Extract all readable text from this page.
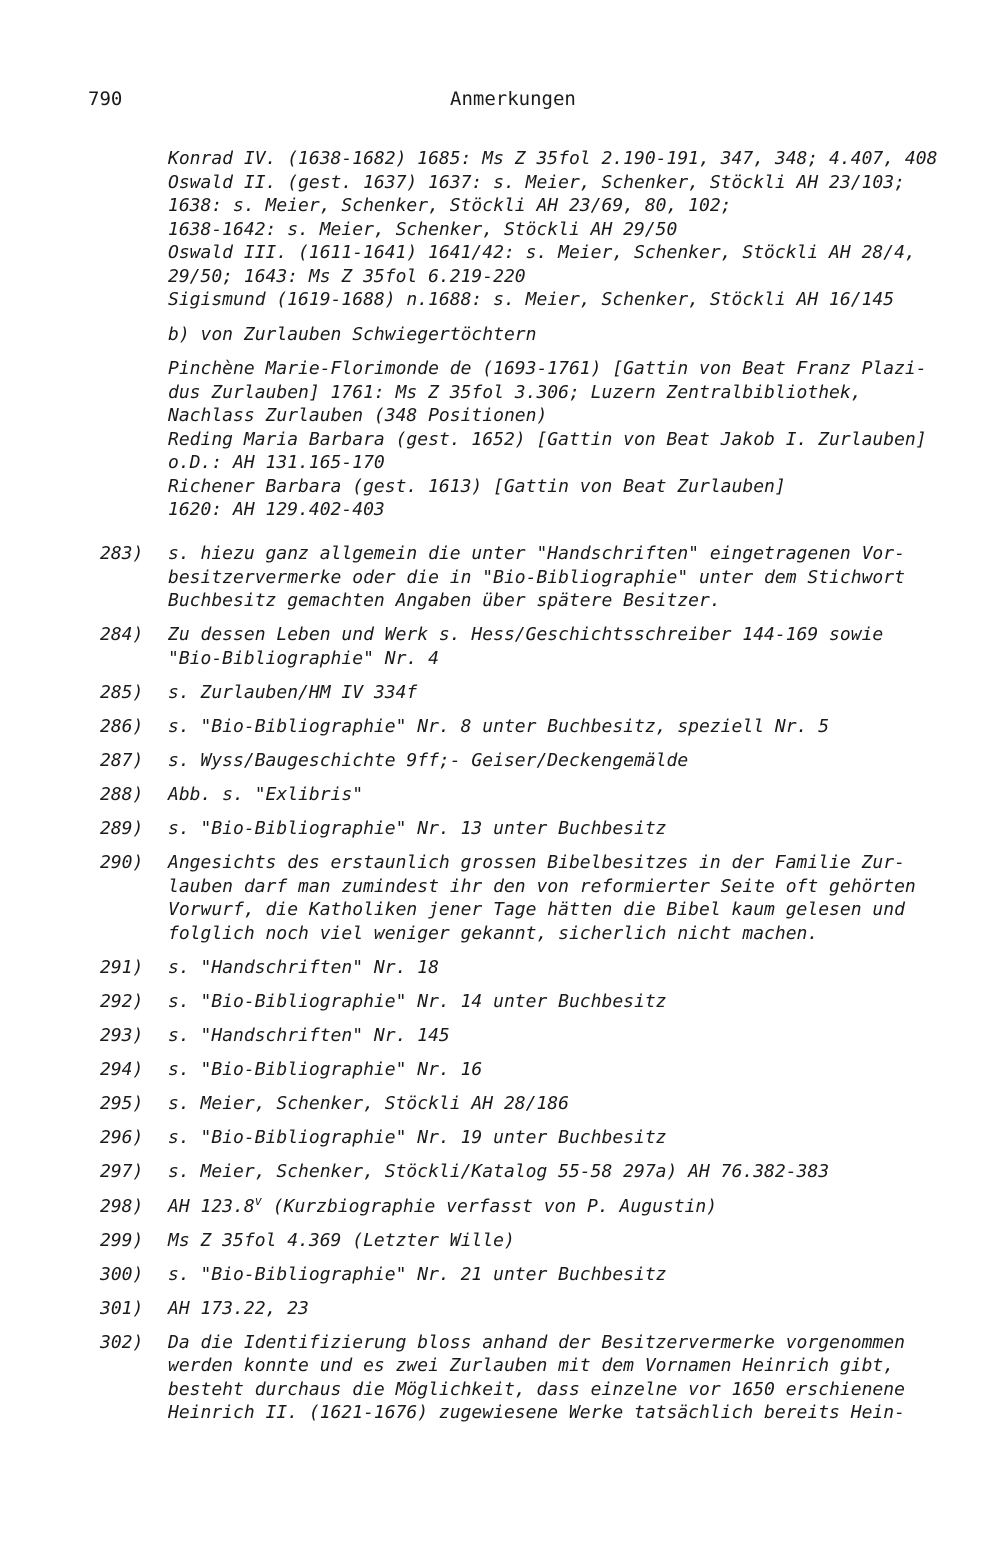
790	Anmerkungen
Konrad IV. (1638-1682) 1685: Ms Z 35fol 2.190-191, 347, 348; 4.407, 408
Oswald II. (gest. 1637) 1637: s. Meier, Schenker, Stöckli AH 23/103;
1638: s. Meier, Schenker, Stöckli AH 23/69, 80, 102;
1638-1642: s. Meier, Schenker, Stöckli AH 29/50
Oswald III. (1611-1641) 1641/42: s. Meier, Schenker, Stöckli AH 28/4,
29/50; 1643: Ms Z 35fol 6.219-220
Sigismund (1619-1688) n.1688: s. Meier, Schenker, Stöckli AH 16/145
b) von Zurlauben Schwiegertöchtern
Pinchène Marie-Florimonde de (1693-1761) [Gattin von Beat Franz Plazi-
dus Zurlauben] 1761: Ms Z 35fol 3.306; Luzern Zentralbibliothek,
Nachlass Zurlauben (348 Positionen)
Reding Maria Barbara (gest. 1652) [Gattin von Beat Jakob I. Zurlauben]
o.D.: AH 131.165-170
Richener Barbara (gest. 1613) [Gattin von Beat Zurlauben]
1620: AH 129.402-403
283) s. hiezu ganz allgemein die unter "Handschriften" eingetragenen Vor-
besitzervermerke oder die in "Bio-Bibliographie" unter dem Stichwort
Buchbesitz gemachten Angaben über spätere Besitzer.
284) Zu dessen Leben und Werk s. Hess/Geschichtsschreiber 144-169 sowie
"Bio-Bibliographie" Nr. 4
285) s. Zurlauben/HM IV 334f
286) s. "Bio-Bibliographie" Nr. 8 unter Buchbesitz, speziell Nr. 5
287) s. Wyss/Baugeschichte 9ff;- Geiser/Deckengemälde
288) Abb. s. "Exlibris"
289) s. "Bio-Bibliographie" Nr. 13 unter Buchbesitz
290) Angesichts des erstaunlich grossen Bibelbesitzes in der Familie Zur-
lauben darf man zumindest ihr den von reformierter Seite oft gehörten
Vorwurf, die Katholiken jener Tage hätten die Bibel kaum gelesen und
folglich noch viel weniger gekannt, sicherlich nicht machen.
291) s. "Handschriften" Nr. 18
292) s. "Bio-Bibliographie" Nr. 14 unter Buchbesitz
293) s. "Handschriften" Nr. 145
294) s. "Bio-Bibliographie" Nr. 16
295) s. Meier, Schenker, Stöckli AH 28/186
296) s. "Bio-Bibliographie" Nr. 19 unter Buchbesitz
297) s. Meier, Schenker, Stöckli/Katalog 55-58 297a) AH 76.382-383
298) AH 123.8$^v$ (Kurzbiographie verfasst von P. Augustin)
299) Ms Z 35fol 4.369 (Letzter Wille)
300) s. "Bio-Bibliographie" Nr. 21 unter Buchbesitz
301) AH 173.22, 23
302) Da die Identifizierung bloss anhand der Besitzervermerke vorgenommen
werden konnte und es zwei Zurlauben mit dem Vornamen Heinrich gibt,
besteht durchaus die Möglichkeit, dass einzelne vor 1650 erschienene
Heinrich II. (1621-1676) zugewiesene Werke tatsächlich bereits Hein-
